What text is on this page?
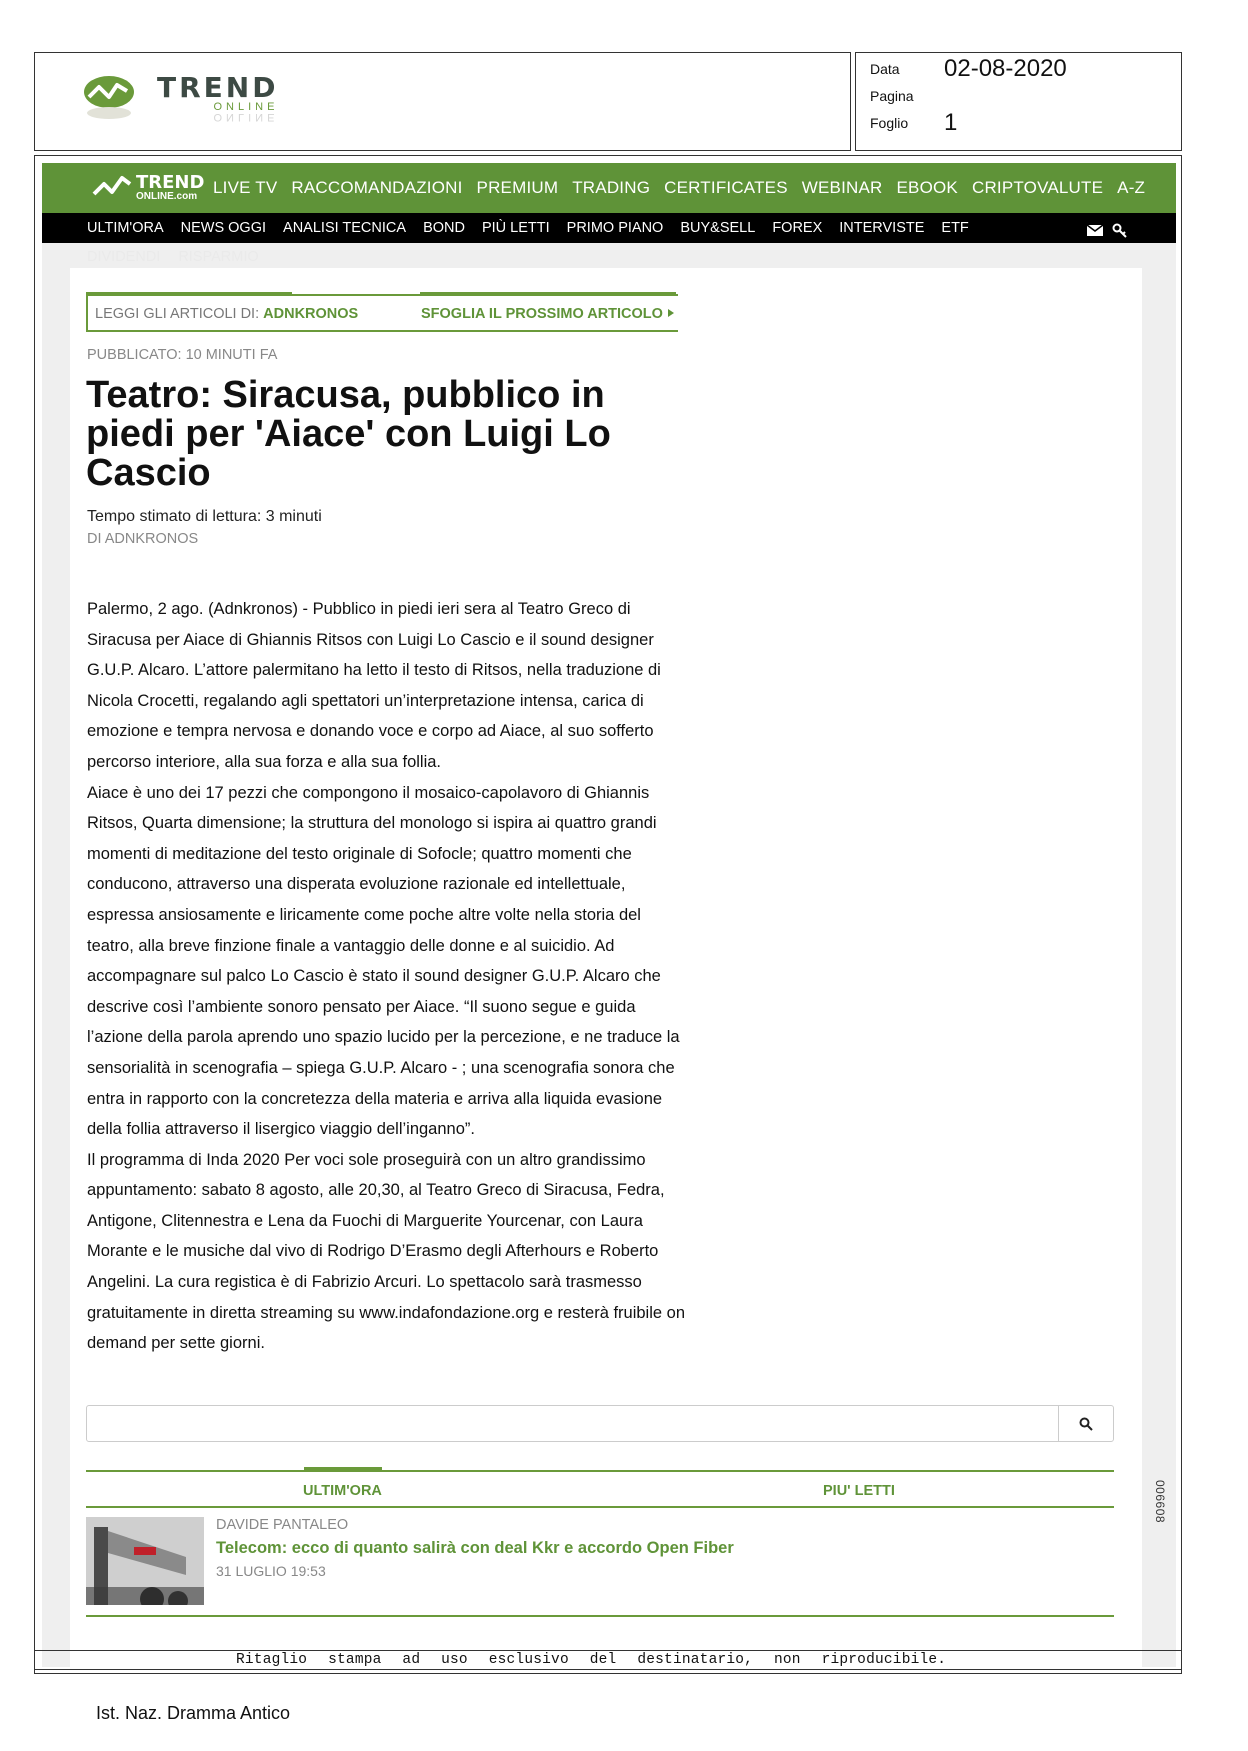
TREND
ONLINE
ONLINE
Data 02-08-2020
Pagina
Foglio 1
TREND
ONLINE.com LIVE TV RACCOMANDAZIONI PREMIUM TRADING CERTIFICATES WEBINAR EBOOK CRIPTOVALUTE A-Z
ULTIM'ORA NEWS OGGI ANALISI TECNICA BOND PIÙ LETTI PRIMO PIANO BUY&SELL FOREX INTERVISTE ETF
DIVIDENDI RISPARMIO
LEGGI GLI ARTICOLI DI: ADNKRONOS	SFOGLIA IL PROSSIMO ARTICOLO
PUBBLICATO: 10 MINUTI FA
Teatro: Siracusa, pubblico in piedi per 'Aiace' con Luigi Lo Cascio
Tempo stimato di lettura: 3 minuti
DI ADNKRONOS

Palermo, 2 ago. (Adnkronos) - Pubblico in piedi ieri sera al Teatro Greco di Siracusa per Aiace di Ghiannis Ritsos con Luigi Lo Cascio e il sound designer G.U.P. Alcaro. L’attore palermitano ha letto il testo di Ritsos, nella traduzione di Nicola Crocetti, regalando agli spettatori un’interpretazione intensa, carica di emozione e tempra nervosa e donando voce e corpo ad Aiace, al suo sofferto percorso interiore, alla sua forza e alla sua follia.

Aiace è uno dei 17 pezzi che compongono il mosaico-capolavoro di Ghiannis Ritsos, Quarta dimensione; la struttura del monologo si ispira ai quattro grandi momenti di meditazione del testo originale di Sofocle; quattro momenti che conducono, attraverso una disperata evoluzione razionale ed intellettuale, espressa ansiosamente e liricamente come poche altre volte nella storia del teatro, alla breve finzione finale a vantaggio delle donne e al suicidio. Ad accompagnare sul palco Lo Cascio è stato il sound designer G.U.P. Alcaro che descrive così l’ambiente sonoro pensato per Aiace. “Il suono segue e guida l’azione della parola aprendo uno spazio lucido per la percezione, e ne traduce la sensorialità in scenografia – spiega G.U.P. Alcaro - ; una scenografia sonora che entra in rapporto con la concretezza della materia e arriva alla liquida evasione della follia attraverso il lisergico viaggio dell’inganno”.

Il programma di Inda 2020 Per voci sole proseguirà con un altro grandissimo appuntamento: sabato 8 agosto, alle 20,30, al Teatro Greco di Siracusa, Fedra, Antigone, Clitennestra e Lena da Fuochi di Marguerite Yourcenar, con Laura Morante e le musiche dal vivo di Rodrigo D’Erasmo degli Afterhours e Roberto Angelini. La cura registica è di Fabrizio Arcuri. Lo spettacolo sarà trasmesso gratuitamente in diretta streaming su www.indafondazione.org e resterà fruibile on demand per sette giorni.

ULTIM'ORA	PIU' LETTI
DAVIDE PANTALEO
Telecom: ecco di quanto salirà con deal Kkr e accordo Open Fiber
31 LUGLIO 19:53
006608
Ritaglio stampa ad uso esclusivo del destinatario, non riproducibile.
Ist. Naz. Dramma Antico
